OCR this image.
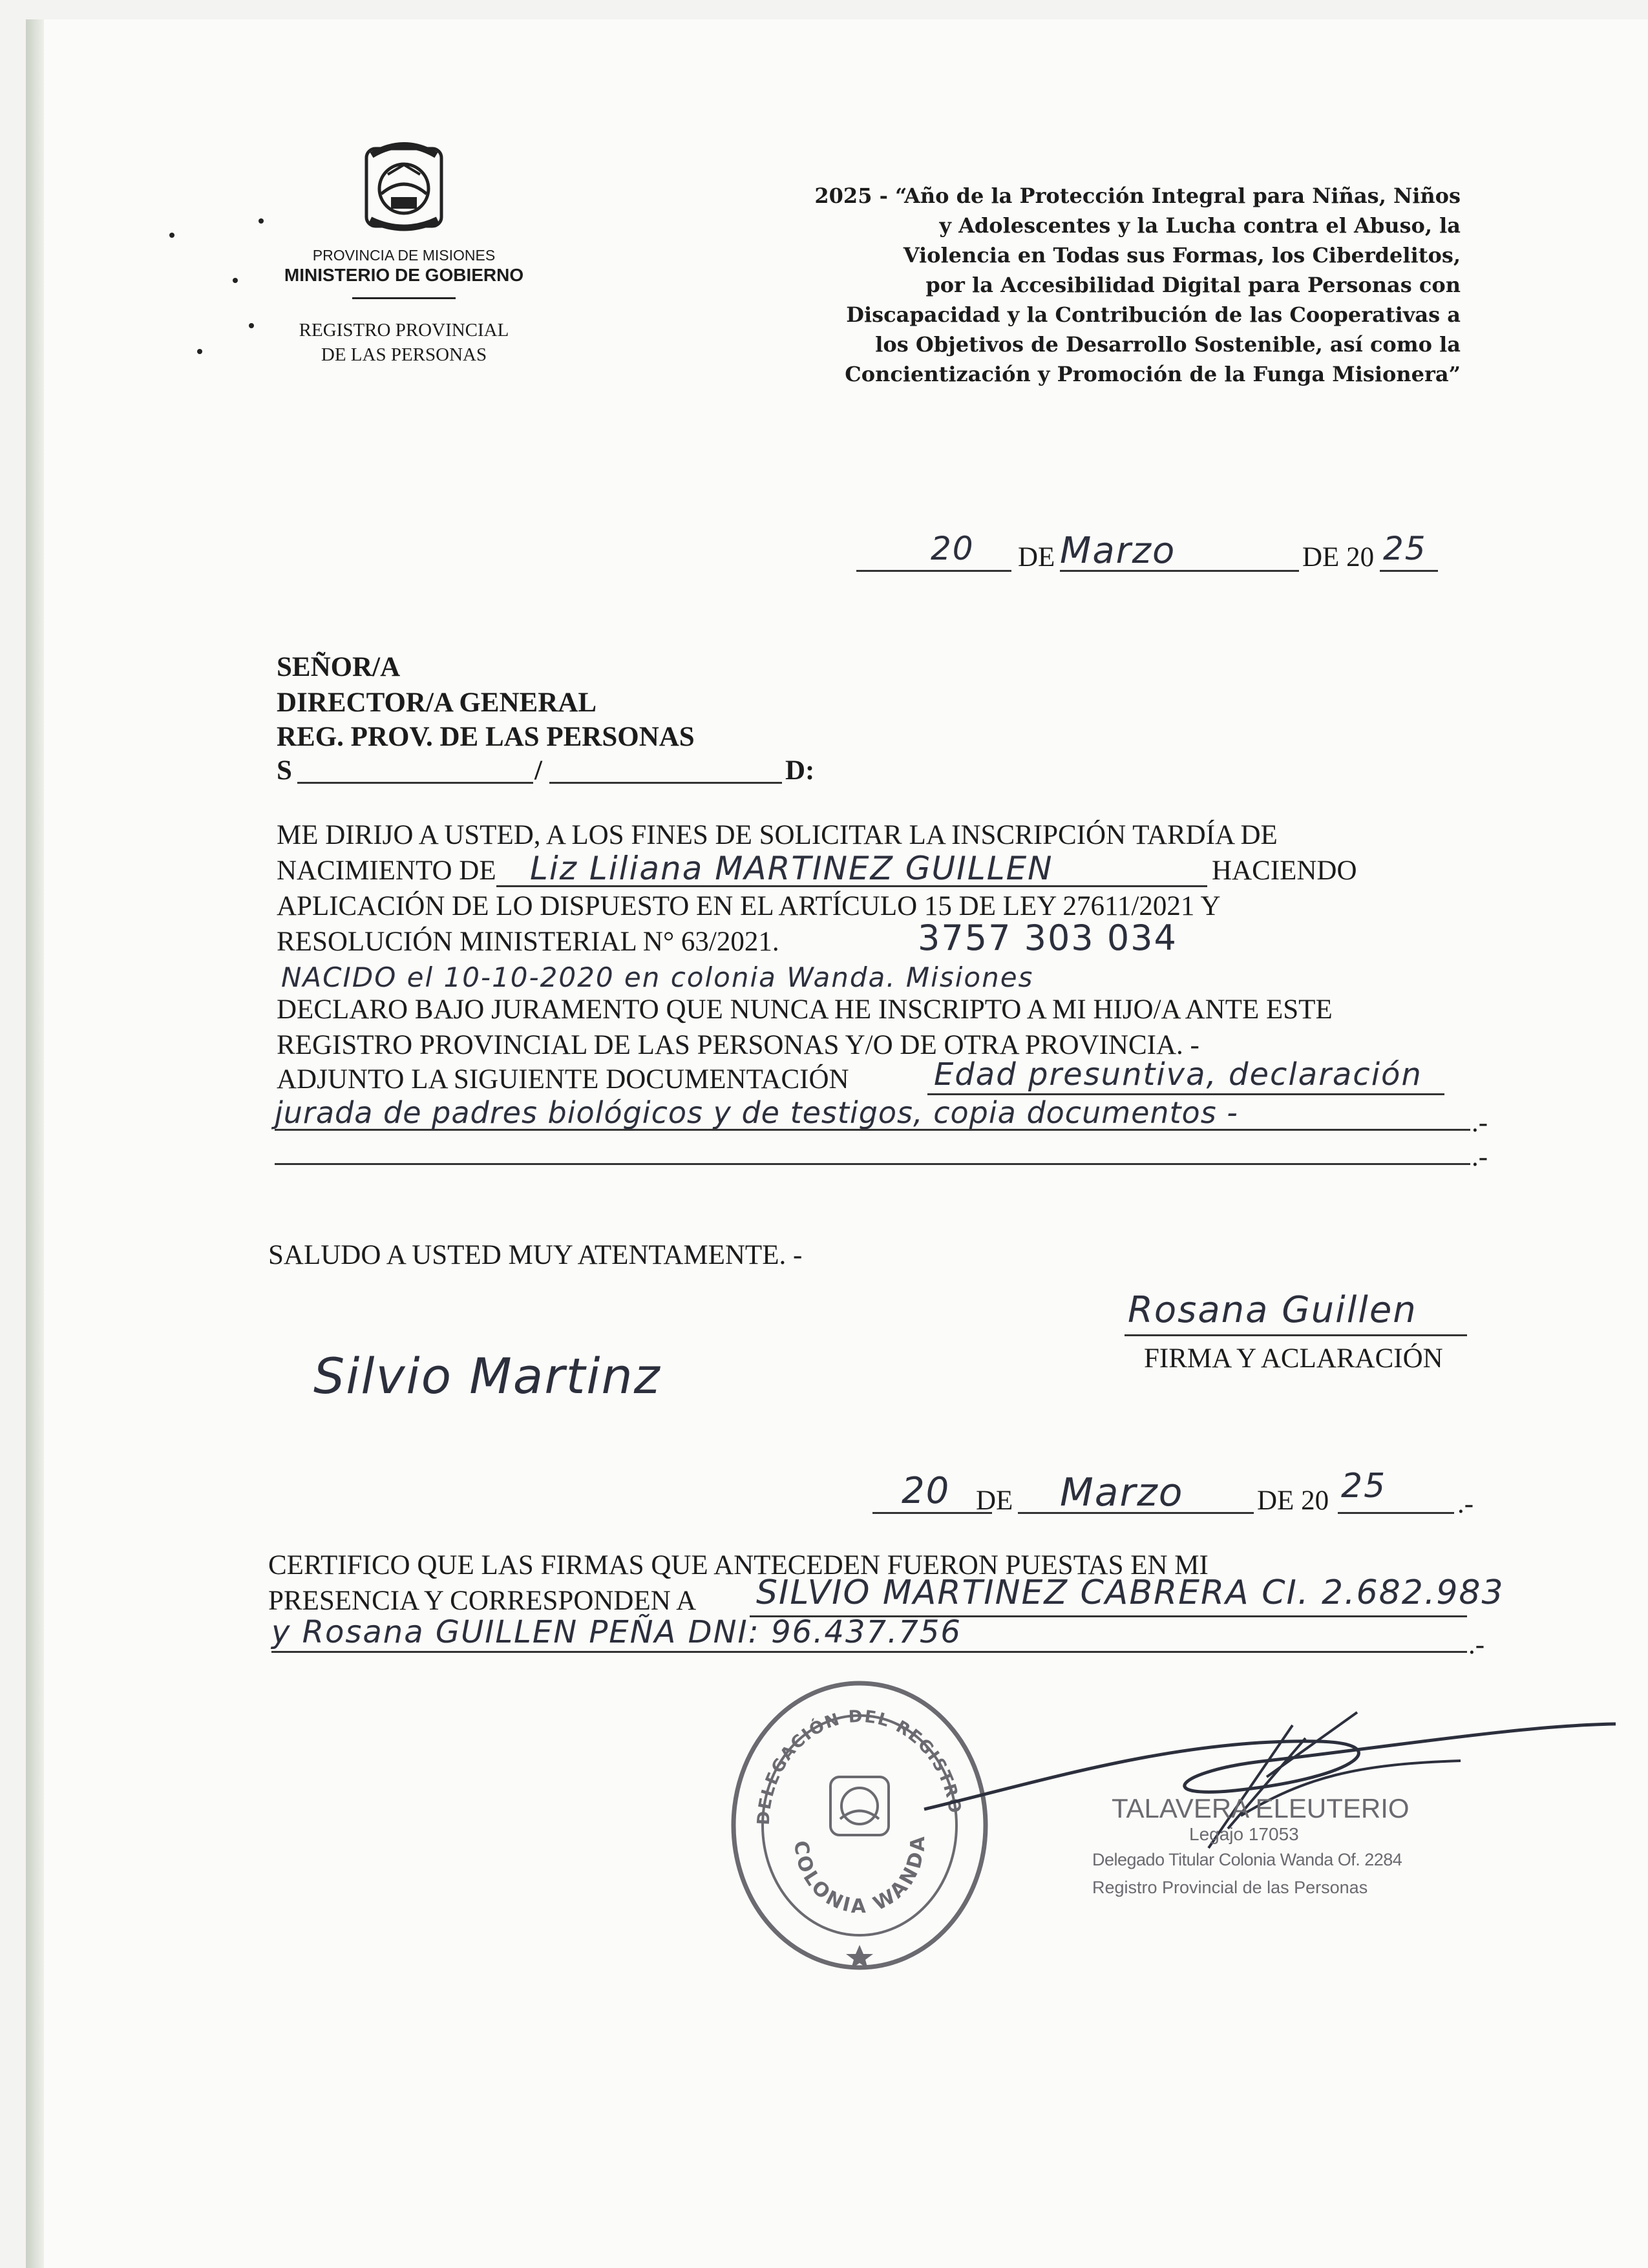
PROVINCIA DE MISIONES
MINISTERIO DE GOBIERNO
REGISTRO PROVINCIAL
DE LAS PERSONAS
2025 - “Año de la Protección Integral para Niñas, Niños
y Adolescentes y la Lucha contra el Abuso, la
Violencia en Todas sus Formas, los Ciberdelitos,
por la Accesibilidad Digital para Personas con
Discapacidad y la Contribución de las Cooperativas a
los Objetivos de Desarrollo Sostenible, así como la
Concientización y Promoción de la Funga Misionera”
20 DE Marzo	DE 20 25
SEÑOR/A
DIRECTOR/A GENERAL
REG. PROV. DE LAS PERSONAS
S	/	D:
ME DIRIJO A USTED, A LOS FINES DE SOLICITAR LA INSCRIPCIÓN TARDÍA DE
NACIMIENTO DE Liz Liliana MARTINEZ GUILLEN	HACIENDO
APLICACIÓN DE LO DISPUESTO EN EL ARTÍCULO 15 DE LEY 27611/2021 Y
RESOLUCIÓN MINISTERIAL N° 63/2021.	3757 303 034
NACIDO el 10-10-2020 en colonia Wanda. Misiones
DECLARO BAJO JURAMENTO QUE NUNCA HE INSCRIPTO A MI HIJO/A ANTE ESTE
REGISTRO PROVINCIAL DE LAS PERSONAS Y/O DE OTRA PROVINCIA. -
ADJUNTO LA SIGUIENTE DOCUMENTACIÓN	Edad presuntiva, declaración
jurada de padres biológicos y de testigos, copia documentos -	.-
.-
SALUDO A USTED MUY ATENTAMENTE. -
Rosana Guillen
FIRMA Y ACLARACIÓN
Silvio Martinz
20 DE Marzo	DE 20 25	.-
CERTIFICO QUE LAS FIRMAS QUE ANTECEDEN FUERON PUESTAS EN MI
PRESENCIA Y CORRESPONDEN A SILVIO MARTINEZ CABRERA CI. 2.682.983
y Rosana GUILLEN PEÑA DNI: 96.437.756	.-
DELEGACIÓN DEL REGISTRO
COLONIA WANDA
TALAVERA ELEUTERIO
Legajo 17053
Delegado Titular Colonia Wanda Of. 2284
Registro Provincial de las Personas
